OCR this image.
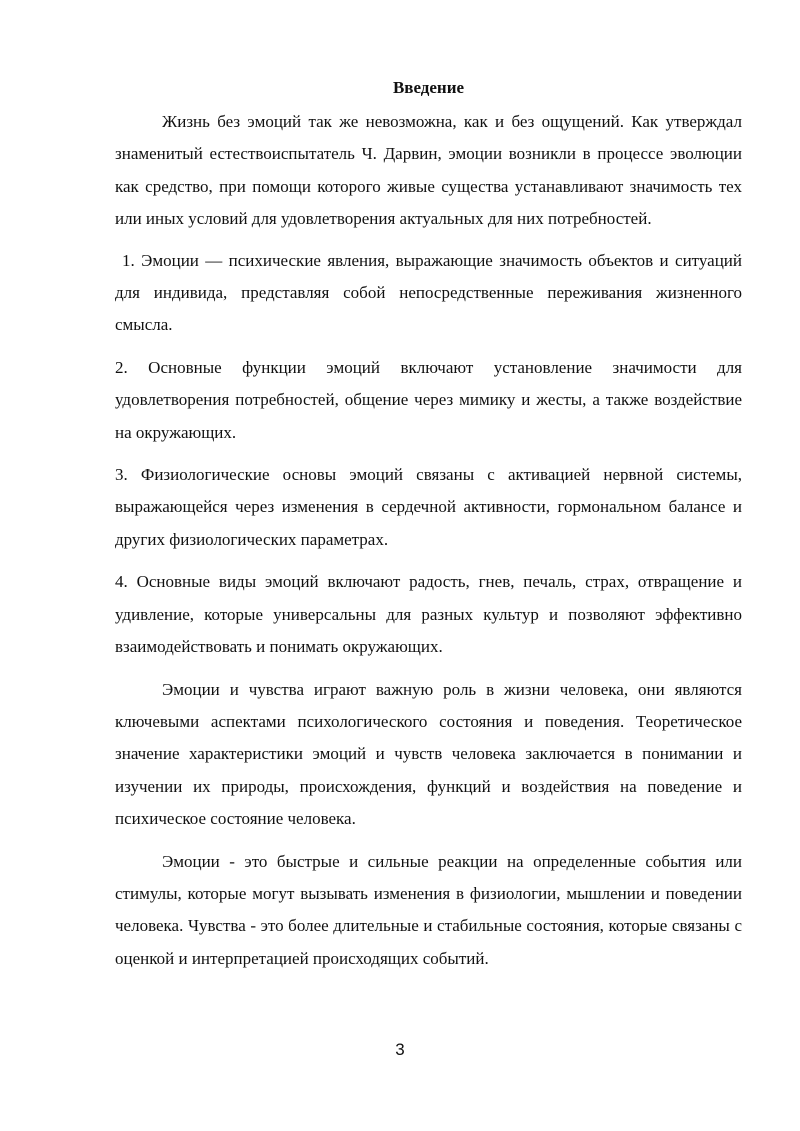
Введение

Жизнь без эмоций так же невозможна, как и без ощущений. Как утверждал знаменитый естествоиспытатель Ч. Дарвин, эмоции возникли в процессе эволюции как средство, при помощи которого живые существа устанавливают значимость тех или иных условий для удовлетворения актуальных для них потребностей.

1. Эмоции — психические явления, выражающие значимость объектов и ситуаций для индивида, представляя собой непосредственные переживания жизненного смысла.

2. Основные функции эмоций включают установление значимости для удовлетворения потребностей, общение через мимику и жесты, а также воздействие на окружающих.

3. Физиологические основы эмоций связаны с активацией нервной системы, выражающейся через изменения в сердечной активности, гормональном балансе и других физиологических параметрах.

4. Основные виды эмоций включают радость, гнев, печаль, страх, отвращение и удивление, которые универсальны для разных культур и позволяют эффективно взаимодействовать и понимать окружающих.

Эмоции и чувства играют важную роль в жизни человека, они являются ключевыми аспектами психологического состояния и поведения. Теоретическое значение характеристики эмоций и чувств человека заключается в понимании и изучении их природы, происхождения, функций и воздействия на поведение и психическое состояние человека.

Эмоции - это быстрые и сильные реакции на определенные события или стимулы, которые могут вызывать изменения в физиологии, мышлении и поведении человека. Чувства - это более длительные и стабильные состояния, которые связаны с оценкой и интерпретацией происходящих событий.

3
